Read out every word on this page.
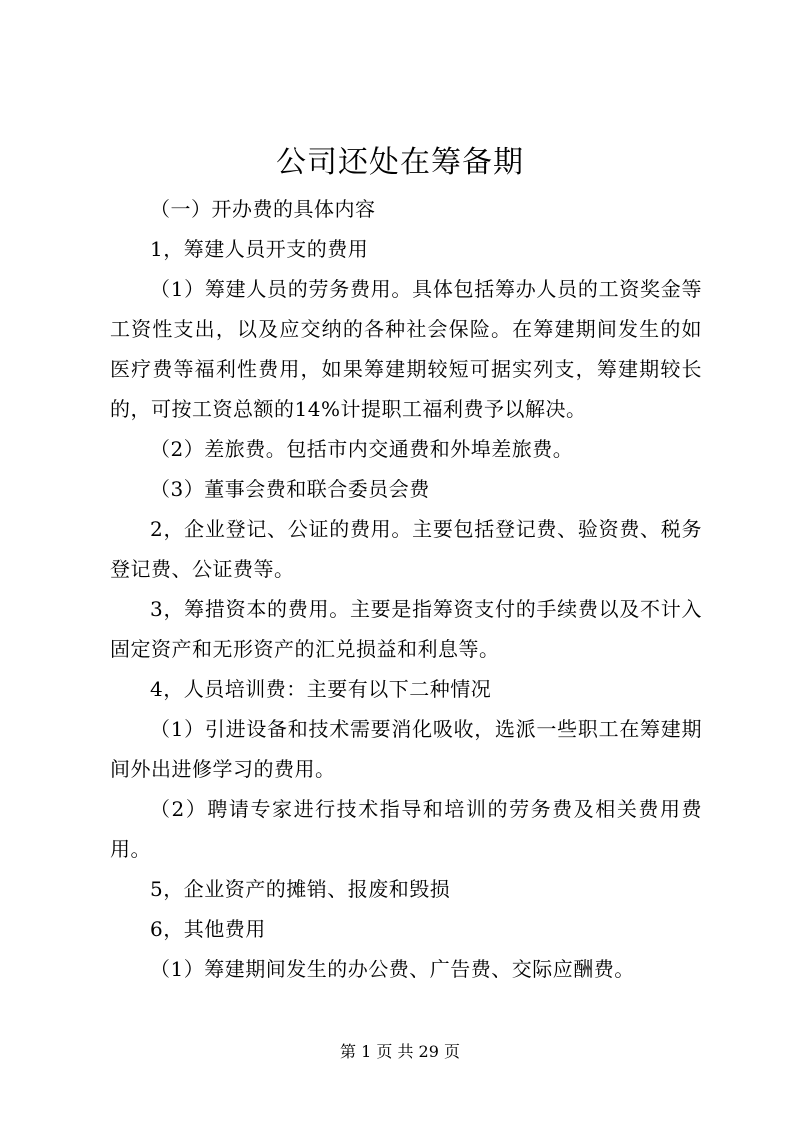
公司还处在筹备期

（一）开办费的具体内容

1，筹建人员开支的费用

（1）筹建人员的劳务费用。具体包括筹办人员的工资奖金等工资性支出，以及应交纳的各种社会保险。在筹建期间发生的如医疗费等福利性费用，如果筹建期较短可据实列支，筹建期较长的，可按工资总额的14%计提职工福利费予以解决。

（2）差旅费。包括市内交通费和外埠差旅费。

（3）董事会费和联合委员会费

2，企业登记、公证的费用。主要包括登记费、验资费、税务登记费、公证费等。

3，筹措资本的费用。主要是指筹资支付的手续费以及不计入固定资产和无形资产的汇兑损益和利息等。

4，人员培训费：主要有以下二种情况

（1）引进设备和技术需要消化吸收，选派一些职工在筹建期间外出进修学习的费用。

（2）聘请专家进行技术指导和培训的劳务费及相关费用费用。

5，企业资产的摊销、报废和毁损

6，其他费用

（1）筹建期间发生的办公费、广告费、交际应酬费。

第 1 页 共 29 页
